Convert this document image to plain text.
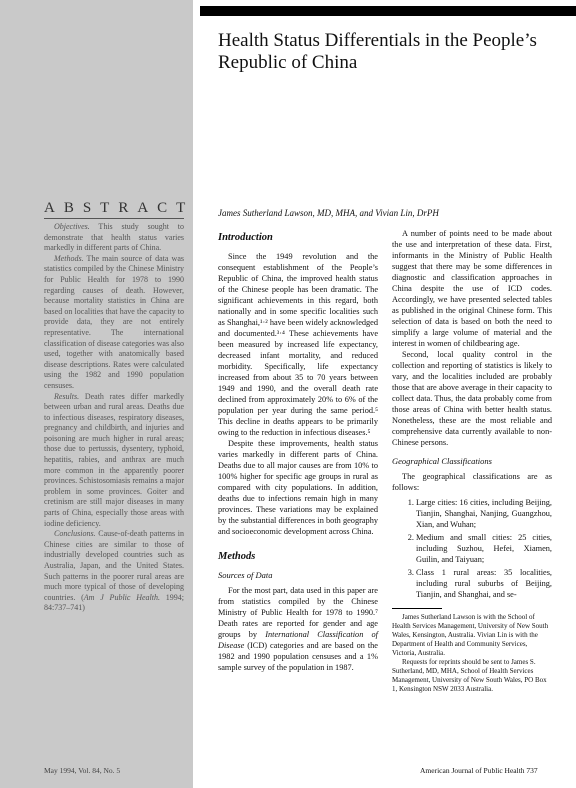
Health Status Differentials in the People’s Republic of China
ABSTRACT

Objectives. This study sought to demonstrate that health status varies markedly in different parts of China.

Methods. The main source of data was statistics compiled by the Chinese Ministry for Public Health for 1978 to 1990 regarding causes of death. However, because mortality statistics in China are based on localities that have the capacity to provide data, they are not entirely representative. The international classification of disease categories was also used, together with anatomically based disease descriptions. Rates were calculated using the 1982 and 1990 population censuses.

Results. Death rates differ markedly between urban and rural areas. Deaths due to infectious diseases, respiratory diseases, pregnancy and childbirth, and injuries and poisoning are much higher in rural areas; those due to pertussis, dysentery, typhoid, hepatitis, rabies, and anthrax are much more common in the apparently poorer provinces. Schistosomiasis remains a major problem in some provinces. Goiter and cretinism are still major diseases in many parts of China, especially those areas with iodine deficiency.

Conclusions. Cause-of-death patterns in Chinese cities are similar to those of industrially developed countries such as Australia, Japan, and the United States. Such patterns in the poorer rural areas are much more typical of those of developing countries. (Am J Public Health. 1994; 84:737–741)

May 1994, Vol. 84, No. 5
James Sutherland Lawson, MD, MHA, and Vivian Lin, DrPH
Introduction

Since the 1949 revolution and the consequent establishment of the People’s Republic of China, the improved health status of the Chinese people has been dramatic. The significant achievements in this regard, both nationally and in some specific localities such as Shanghai,¹·² have been widely acknowledged and documented.³·⁴ These achievements have been measured by increased life expectancy, decreased infant mortality, and reduced morbidity. Specifically, life expectancy increased from about 35 to 70 years between 1949 and 1990, and the overall death rate declined from approximately 20% to 6% of the population per year during the same period.⁵ This decline in deaths appears to be primarily owing to the reduction in infectious diseases.⁵

Despite these improvements, health status varies markedly in different parts of China. Deaths due to all major causes are from 10% to 100% higher for specific age groups in rural as compared with city populations. In addition, deaths due to infections remain high in many provinces. These variations may be explained by the substantial differences in both geography and socioeconomic development across China.

Methods
Sources of Data

For the most part, data used in this paper are from statistics compiled by the Chinese Ministry of Public Health for 1978 to 1990.⁷ Death rates are reported for gender and age groups by International Classification of Disease (ICD) categories and are based on the 1982 and 1990 population censuses and a 1% sample survey of the population in 1987.

A number of points need to be made about the use and interpretation of these data. First, informants in the Ministry of Public Health suggest that there may be some differences in diagnostic and classification approaches in China despite the use of ICD codes. Accordingly, we have presented selected tables as published in the original Chinese form. This selection of data is based on both the need to simplify a large volume of material and the interest in women of childbearing age.

Second, local quality control in the collection and reporting of statistics is likely to vary, and the localities included are probably those that are above average in their capacity to collect data. Thus, the data probably come from those areas of China with better health status. Nonetheless, these are the most reliable and comprehensive data currently available to non-Chinese persons.

Geographical Classifications

The geographical classifications are as follows:

1. Large cities: 16 cities, including Beijing, Tianjin, Shanghai, Nanjing, Guangzhou, Xian, and Wuhan;
2. Medium and small cities: 25 cities, including Suzhou, Hefei, Xiamen, Guilin, and Taiyuan;
3. Class 1 rural areas: 35 localities, including rural suburbs of Beijing, Tianjin, and Shanghai, and se-

James Sutherland Lawson is with the School of Health Services Management, University of New South Wales, Kensington, Australia. Vivian Lin is with the Department of Health and Community Services, Victoria, Australia.

Requests for reprints should be sent to James S. Sutherland, MD, MHA, School of Health Services Management, University of New South Wales, PO Box 1, Kensington NSW 2033 Australia.

American Journal of Public Health 737
